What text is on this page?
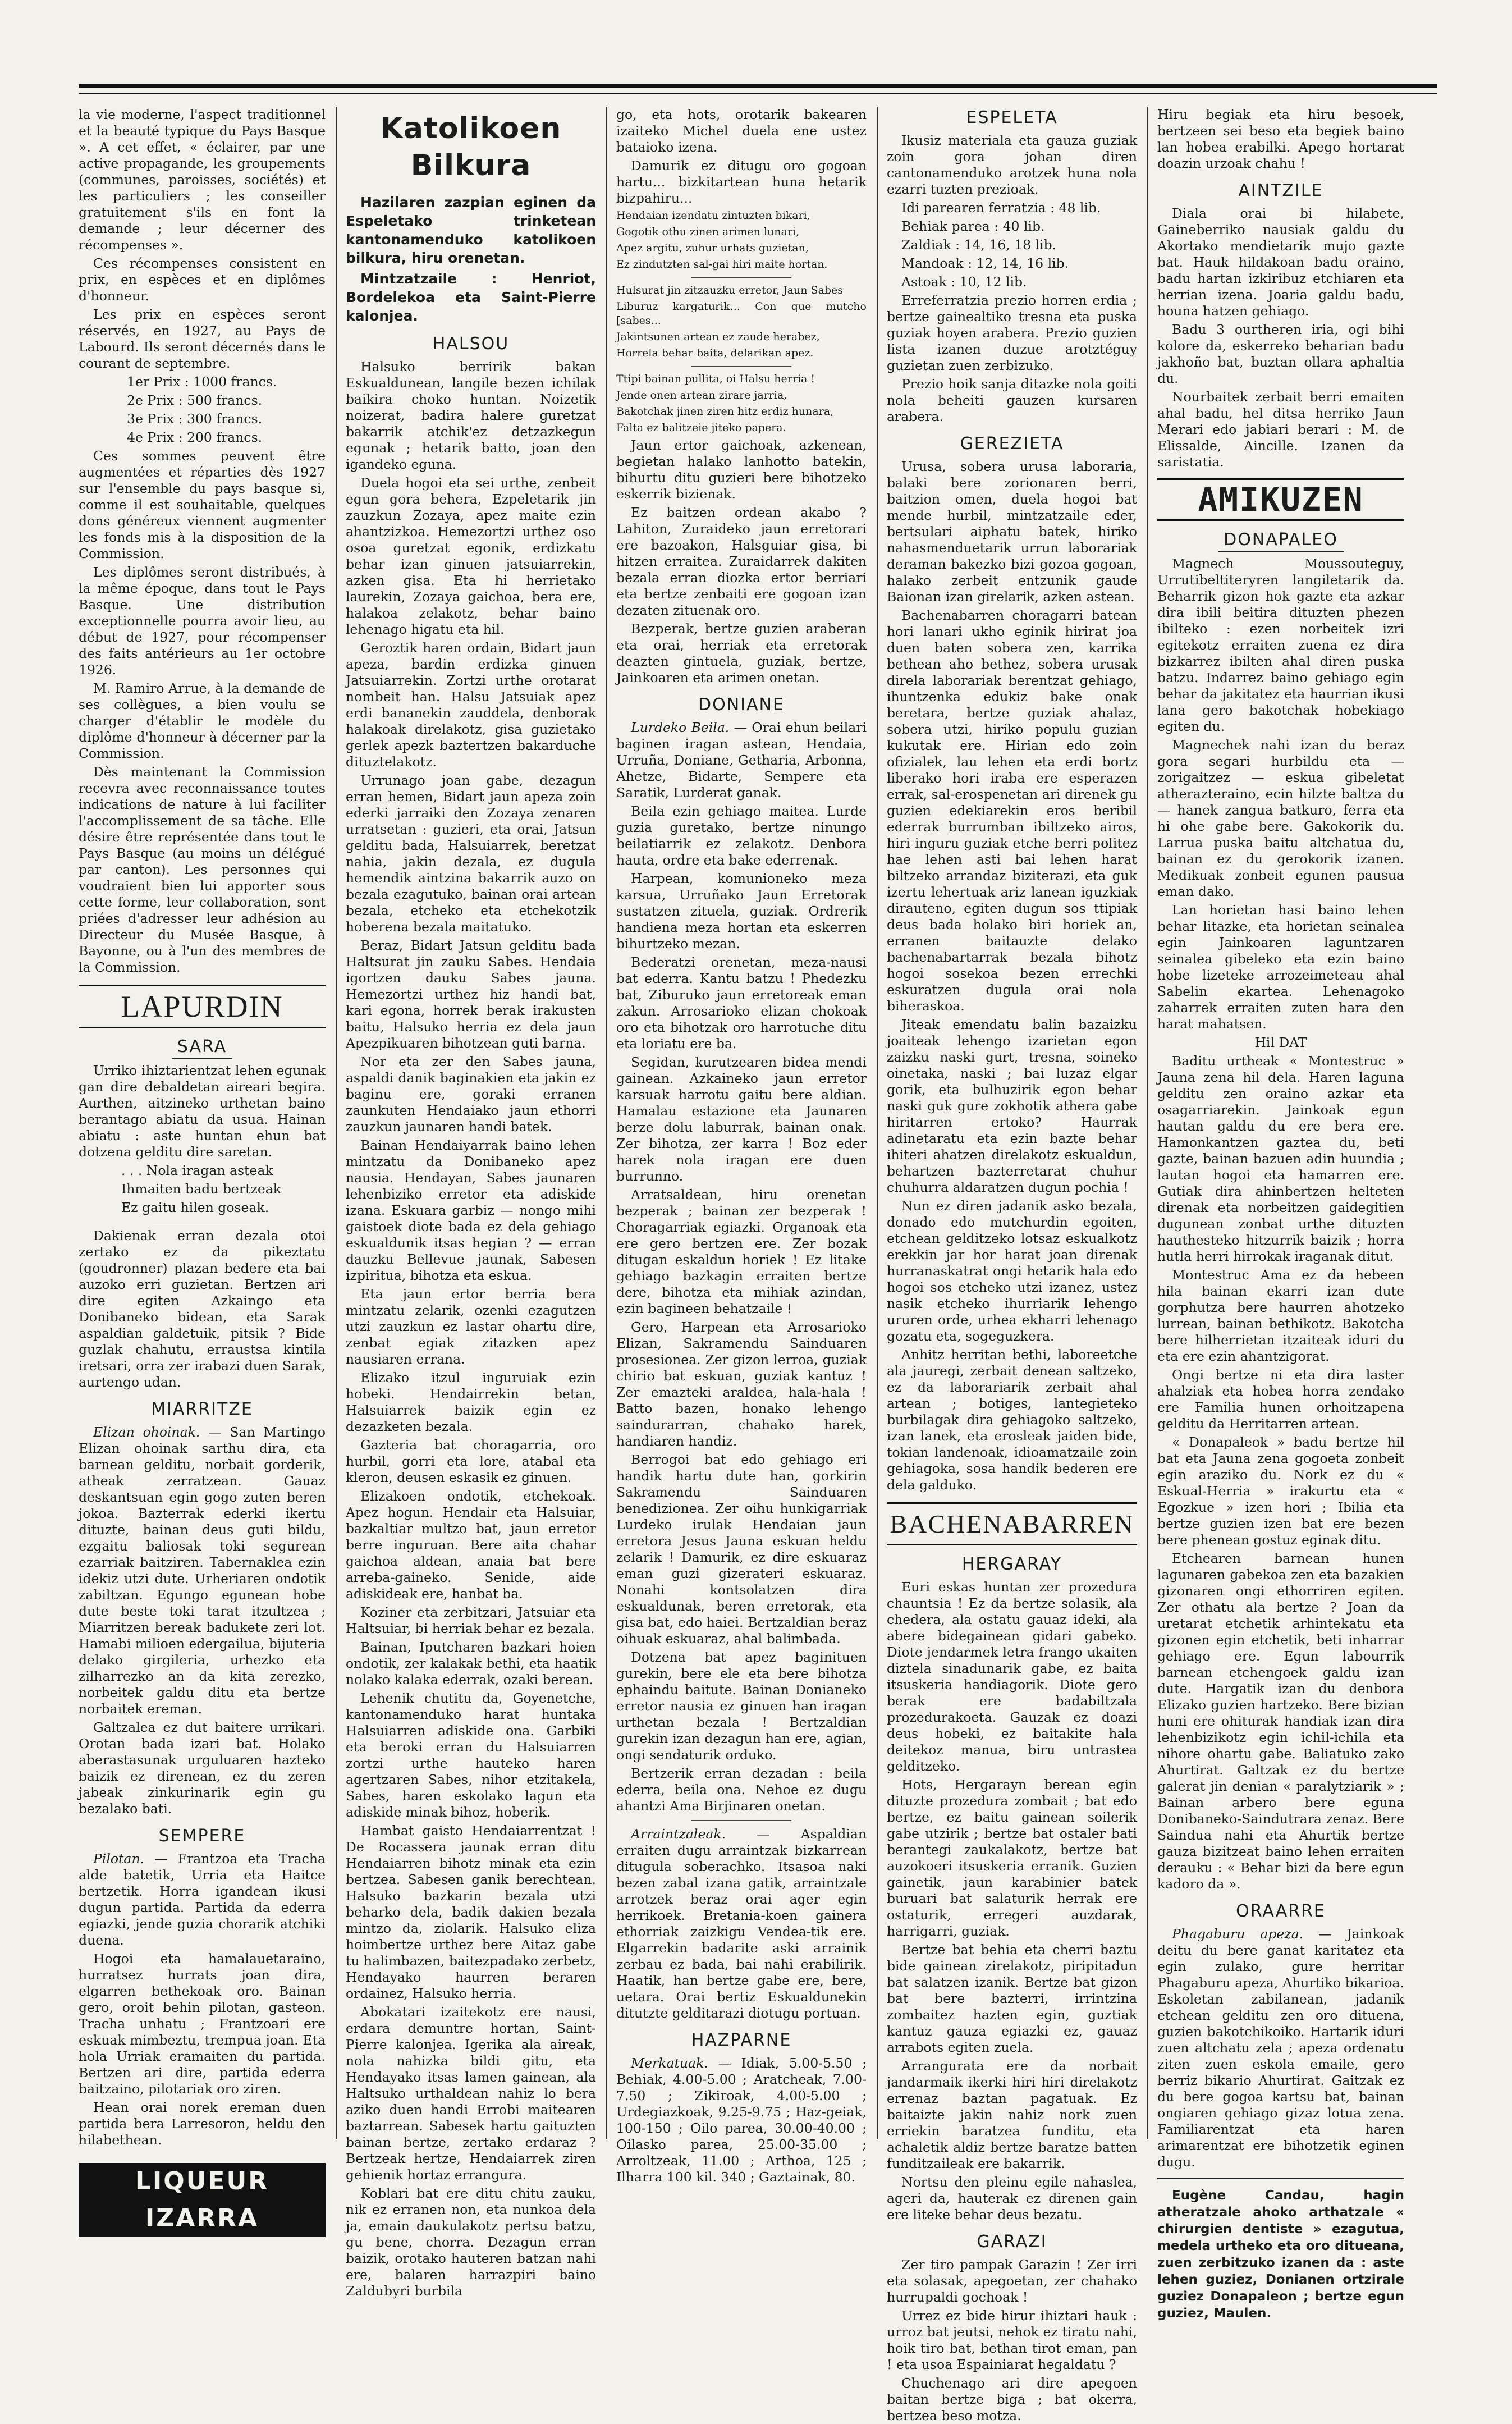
la vie moderne, l'aspect traditionnel et la beauté typique du Pays Basque ». A cet effet, « éclairer, par une active propagande, les groupements (communes, paroisses, sociétés) et les particuliers ; les conseiller gratuitement s'ils en font la demande ; leur décerner des récompenses ».

Ces récompenses consistent en prix, en espèces et en diplômes d'honneur.

Les prix en espèces seront réservés, en 1927, au Pays de Labourd. Ils seront décernés dans le courant de septembre.

1er Prix : 1000 francs.

2e Prix : 500 francs.

3e Prix : 300 francs.

4e Prix : 200 francs.

Ces sommes peuvent être augmentées et réparties dès 1927 sur l'ensemble du pays basque si, comme il est souhaitable, quelques dons généreux viennent augmenter les fonds mis à la disposition de la Commission.

Les diplômes seront distribués, à la même époque, dans tout le Pays Basque. Une distribution exceptionnelle pourra avoir lieu, au début de 1927, pour récompenser des faits antérieurs au 1er octobre 1926.

M. Ramiro Arrue, à la demande de ses collègues, a bien voulu se charger d'établir le modèle du diplôme d'honneur à décerner par la Commission.

Dès maintenant la Commission recevra avec reconnaissance toutes indications de nature à lui faciliter l'accomplissement de sa tâche. Elle désire être représentée dans tout le Pays Basque (au moins un délégué par canton). Les personnes qui voudraient bien lui apporter sous cette forme, leur collaboration, sont priées d'adresser leur adhésion au Directeur du Musée Basque, à Bayonne, ou à l'un des membres de la Commission.

LAPURDIN
SARA

Urriko ihiztarientzat lehen egunak gan dire debaldetan aireari begira. Aurthen, aitzineko urthetan baino berantago abiatu da usua. Hainan abiatu : aste huntan ehun bat dotzena gelditu dire saretan.

. . . Nola iragan asteak

Ihmaiten badu bertzeak

Ez gaitu hilen goseak.

Dakienak erran dezala otoi zertako ez da pikeztatu (goudronner) plazan bedere eta bai auzoko erri guzietan. Bertzen ari dire egiten Azkaingo eta Donibaneko bidean, eta Sarak aspaldian galdetuik, pitsik ? Bide guzlak chahutu, erraustsa kintila iretsari, orra zer irabazi duen Sarak, aurtengo udan.

MIARRITZE

Elizan ohoinak. — San Martingo Elizan ohoinak sarthu dira, eta barnean gelditu, norbait gorderik, atheak zerratzean. Gauaz deskantsuan egin gogo zuten beren jokoa. Bazterrak ederki ikertu dituzte, bainan deus guti bildu, ezgaitu baliosak toki segurean ezarriak baitziren. Tabernaklea ezin idekiz utzi dute. Urheriaren ondotik zabiltzan. Egungo egunean hobe dute beste toki tarat itzultzea ; Miarritzen bereak badukete zeri lot. Hamabi milioen edergailua, bijuteria delako girgileria, urhezko eta zilharrezko an da kita zerezko, norbeitek galdu ditu eta bertze norbaitek ereman.

Galtzalea ez dut baitere urrikari. Orotan bada izari bat. Holako aberastasunak urguluaren hazteko baizik ez direnean, ez du zeren jabeak zinkurinarik egin gu bezalako bati.

SEMPERE

Pilotan. — Frantzoa eta Tracha alde batetik, Urria eta Haitce bertzetik. Horra igandean ikusi dugun partida. Partida da ederra egiazki, jende guzia chorarik atchiki duena.

Hogoi eta hamalauetaraino, hurratsez hurrats joan dira, elgarren bethekoak oro. Bainan gero, oroit behin pilotan, gasteon. Tracha unhatu ; Frantzoari ere eskuak mimbeztu, trempua joan. Eta hola Urriak eramaiten du partida. Bertzen ari dire, partida ederra baitzaino, pilotariak oro ziren.

Hean orai norek ereman duen partida bera Larresoron, heldu den hilabethean.

LIQUEUR IZARRA
Katolikoen Bilkura

Hazilaren zazpian eginen da Espeletako trinketean kantonamenduko katolikoen bilkura, hiru orenetan.

Mintzatzaile : Henriot, Bordelekoa eta Saint-Pierre kalonjea.

HALSOU

Halsuko berririk bakan Eskualdunean, langile bezen ichilak baikira choko huntan. Noizetik noizerat, badira halere guretzat bakarrik atchik'ez detzazkegun egunak ; hetarik batto, joan den igandeko eguna.

Duela hogoi eta sei urthe, zenbeit egun gora behera, Ezpeletarik jin zauzkun Zozaya, apez maite ezin ahantzizkoa. Hemezortzi urthez oso osoa guretzat egonik, erdizkatu behar izan ginuen jatsuiarrekin, azken gisa. Eta hi herrietako laurekin, Zozaya gaichoa, bera ere, halakoa zelakotz, behar baino lehenago higatu eta hil.

Geroztik haren ordain, Bidart jaun apeza, bardin erdizka ginuen Jatsuiarrekin. Zortzi urthe orotarat nombeit han. Halsu Jatsuiak apez erdi bananekin zauddela, denborak halakoak direlakotz, gisa guzietako gerlek apezk baztertzen bakarduche dituztelakotz.

Urrunago joan gabe, dezagun erran hemen, Bidart jaun apeza zoin ederki jarraiki den Zozaya zenaren urratsetan : guzieri, eta orai, Jatsun gelditu bada, Halsuiarrek, beretzat nahia, jakin dezala, ez dugula hemendik aintzina bakarrik auzo on bezala ezagutuko, bainan orai artean bezala, etcheko eta etchekotzik hoberena bezala maitatuko.

Beraz, Bidart Jatsun gelditu bada Haltsurat jin zauku Sabes. Hendaia igortzen dauku Sabes jauna. Hemezortzi urthez hiz handi bat, kari egona, horrek berak irakusten baitu, Halsuko herria ez dela jaun Apezpikuaren bihotzean guti barna.

Nor eta zer den Sabes jauna, aspaldi danik baginakien eta jakin ez baginu ere, goraki erranen zaunkuten Hendaiako jaun ethorri zauzkun jaunaren handi batek.

Bainan Hendaiyarrak baino lehen mintzatu da Donibaneko apez nausia. Hendayan, Sabes jaunaren lehenbiziko erretor eta adiskide izana. Eskuara garbiz — nongo mihi gaistoek diote bada ez dela gehiago eskualdunik itsas hegian ? — erran dauzku Bellevue jaunak, Sabesen izpiritua, bihotza eta eskua.

Eta jaun ertor berria bera mintzatu zelarik, ozenki ezagutzen utzi zauzkun ez lastar ohartu dire, zenbat egiak zitazken apez nausiaren errana.

Elizako itzul inguruiak ezin hobeki. Hendairrekin betan, Halsuiarrek baizik egin ez dezazketen bezala.

Gazteria bat choragarria, oro hurbil, gorri eta lore, atabal eta kleron, deusen eskasik ez ginuen.

Elizakoen ondotik, etchekoak. Apez hogun. Hendair eta Halsuiar, bazkaltiar multzo bat, jaun erretor berre inguruan. Bere aita chahar gaichoa aldean, anaia bat bere arreba-gaineko. Senide, aide adiskideak ere, hanbat ba.

Koziner eta zerbitzari, Jatsuiar eta Haltsuiar, bi herriak behar ez bezala.

Bainan, Iputcharen bazkari hoien ondotik, zer kalakak bethi, eta haatik nolako kalaka ederrak, ozaki berean.

Lehenik chutitu da, Goyenetche, kantonamenduko harat huntaka Halsuiarren adiskide ona. Garbiki eta beroki erran du Halsuiarren zortzi urthe hauteko haren agertzaren Sabes, nihor etzitakela, Sabes, haren eskolako lagun eta adiskide minak bihoz, hoberik.

Hambat gaisto Hendaiarrentzat ! De Rocassera jaunak erran ditu Hendaiarren bihotz minak eta ezin bertzea. Sabesen ganik berechtean. Halsuko bazkarin bezala utzi beharko dela, badik dakien bezala mintzo da, ziolarik. Halsuko eliza hoimbertze urthez bere Aitaz gabe tu halimbazen, baitezpadako zerbetz, Hendayako haurren beraren ordainez, Halsuko herria.

Abokatari izaitekotz ere nausi, erdara demuntre hortan, Saint-Pierre kalonjea. Igerika ala aireak, nola nahizka bildi gitu, eta Hendayako itsas lamen gainean, ala Haltsuko urthaldean nahiz lo bera aziko duen handi Errobi maitearen baztarrean. Sabesek hartu gaituzten bainan bertze, zertako erdaraz ? Bertzeak hertze, Hendaiarrek ziren gehienik hortaz errangura.

Koblari bat ere ditu chitu zauku, nik ez erranen non, eta nunkoa dela ja, emain daukulakotz pertsu batzu, gu bene, chorra. Dezagun erran baizik, orotako hauteren batzan nahi ere, balaren harrazpiri baino Zaldubyri burbila

go, eta hots, orotarik bakearen izaiteko Michel duela ene ustez bataioko izena.

Damurik ez ditugu oro gogoan hartu... bizkitartean huna hetarik bizpahiru...

Hendaian izendatu zintuzten bikari,

Gogotik othu zinen arimen lunari,

Apez argitu, zuhur urhats guzietan,

Ez zindutzten sal-gai hiri maite hortan.

Hulsurat jin zitzauzku erretor, Jaun Sabes

Liburuz kargaturik... Con que mutcho [sabes...

Jakintsunen artean ez zaude herabez,

Horrela behar baita, delarikan apez.

Ttipi bainan pullita, oi Halsu herria !

Jende onen artean zirare jarria,

Bakotchak jinen ziren hitz erdiz hunara,

Falta ez balitzeie jiteko papera.

Jaun ertor gaichoak, azkenean, begietan halako lanhotto batekin, bihurtu ditu guzieri bere bihotzeko eskerrik bizienak.

Ez baitzen ordean akabo ? Lahiton, Zuraideko jaun erretorari ere bazoakon, Halsguiar gisa, bi hitzen erraitea. Zuraidarrek dakiten bezala erran diozka ertor berriari eta bertze zenbaiti ere gogoan izan dezaten zituenak oro.

Bezperak, bertze guzien araberan eta orai, herriak eta erretorak deazten gintuela, guziak, bertze, Jainkoaren eta arimen onetan.

DONIANE

Lurdeko Beila. — Orai ehun beilari baginen iragan astean, Hendaia, Urruña, Doniane, Getharia, Arbonna, Ahetze, Bidarte, Sempere eta Saratik, Lurderat ganak.

Beila ezin gehiago maitea. Lurde guzia guretako, bertze ninungo beilatiarrik ez zelakotz. Denbora hauta, ordre eta bake ederrenak.

Harpean, komunioneko meza karsua, Urruñako Jaun Erretorak sustatzen zituela, guziak. Ordrerik handiena meza hortan eta eskerren bihurtzeko mezan.

Bederatzi orenetan, meza-nausi bat ederra. Kantu batzu ! Phedezku bat, Ziburuko jaun erretoreak eman zakun. Arrosarioko elizan chokoak oro eta bihotzak oro harrotuche ditu eta loriatu ere ba.

Segidan, kurutzearen bidea mendi gainean. Azkaineko jaun erretor karsuak harrotu gaitu bere aldian. Hamalau estazione eta Jaunaren berze dolu laburrak, bainan onak. Zer bihotza, zer karra ! Boz eder harek nola iragan ere duen burrunno.

Arratsaldean, hiru orenetan bezperak ; bainan zer bezperak ! Choragarriak egiazki. Organoak eta ere gero bertzen ere. Zer bozak ditugan eskaldun horiek ! Ez litake gehiago bazkagin erraiten bertze dere, bihotza eta mihiak azindan, ezin bagineen behatzaile !

Gero, Harpean eta Arrosarioko Elizan, Sakramendu Sainduaren prosesionea. Zer gizon lerroa, guziak chirio bat eskuan, guziak kantuz ! Zer emazteki araldea, hala-hala ! Batto bazen, honako lehengo saindurarran, chahako harek, handiaren handiz.

Berrogoi bat edo gehiago eri handik hartu dute han, gorkirin Sakramendu Sainduaren benedizionea. Zer oihu hunkigarriak Lurdeko irulak Hendaian jaun erretora Jesus Jauna eskuan heldu zelarik ! Damurik, ez dire eskuaraz eman guzi gizerateri eskuaraz. Nonahi kontsolatzen dira eskualdunak, beren erretorak, eta gisa bat, edo haiei. Bertzaldian beraz oihuak eskuaraz, ahal balimbada.

Dotzena bat apez baginituen gurekin, bere ele eta bere bihotza ephaindu baitute. Bainan Donianeko erretor nausia ez ginuen han iragan urthetan bezala ! Bertzaldian gurekin izan dezagun han ere, agian, ongi sendaturik orduko.

Bertzerik erran dezadan : beila ederra, beila ona. Nehoe ez dugu ahantzi Ama Birjinaren onetan.

Arraintzaleak. — Aspaldian erraiten dugu arraintzak bizkarrean ditugula soberachko. Itsasoa naki bezen zabal izana gatik, arraintzale arrotzek beraz orai ager egin herrikoek. Bretania-koen gainera ethorriak zaizkigu Vendea-tik ere. Elgarrekin badarite aski arrainik zerbau ez bada, bai nahi erabilirik. Haatik, han bertze gabe ere, bere, uetara. Orai bertiz Eskualdunekin ditutzte gelditarazi diotugu portuan.

HAZPARNE

Merkatuak. — Idiak, 5.00-5.50 ; Behiak, 4.00-5.00 ; Aratcheak, 7.00-7.50 ; Zikiroak, 4.00-5.00 ; Urdegiazkoak, 9.25-9.75 ; Haz-geiak, 100-150 ; Oilo parea, 30.00-40.00 ; Oilasko parea, 25.00-35.00 ; Arroltzeak, 11.00 ; Arthoa, 125 ; Ilharra 100 kil. 340 ; Gaztainak, 80.

ESPELETA

Ikusiz materiala eta gauza guziak zoin gora johan diren cantonamenduko arotzek huna nola ezarri tuzten prezioak.

Idi parearen ferratzia : 48 lib.

Behiak parea : 40 lib.

Zaldiak : 14, 16, 18 lib.

Mandoak : 12, 14, 16 lib.

Astoak : 10, 12 lib.

Erreferratzia prezio horren erdia ; bertze gainealtiko tresna eta puska guziak hoyen arabera. Prezio guzien lista izanen duzue arotztéguy guzietan zuen zerbizuko.

Prezio hoik sanja ditazke nola goiti nola beheiti gauzen kursaren arabera.

GEREZIETA

Urusa, sobera urusa laboraria, balaki bere zorionaren berri, baitzion omen, duela hogoi bat mende hurbil, mintzatzaile eder, bertsulari aiphatu batek, hiriko nahasmenduetarik urrun laborariak deraman bakezko bizi gozoa gogoan, halako zerbeit entzunik gaude Baionan izan girelarik, azken astean.

Bachenabarren choragarri batean hori lanari ukho eginik hirirat joa duen baten sobera zen, karrika bethean aho bethez, sobera urusak direla laborariak berentzat gehiago, ihuntzenka edukiz bake onak beretara, bertze guziak ahalaz, sobera utzi, hiriko populu guzian kukutak ere. Hirian edo zoin ofizialek, lau lehen eta erdi bortz liberako hori iraba ere esperazen errak, sal-erospenetan ari direnek gu guzien edekiarekin eros beribil ederrak burrumban ibiltzeko airos, hiri inguru guziak etche berri politez hae lehen asti bai lehen harat biltzeko arrandaz biziterazi, eta guk izertu lehertuak ariz lanean iguzkiak dirauteno, egiten dugun sos ttipiak deus bada holako biri horiek an, erranen baitauzte delako bachenabartarrak bezala bihotz hogoi sosekoa bezen errechki eskuratzen dugula orai nola biheraskoa.

Jiteak emendatu balin bazaizku joaiteak lehengo izarietan egon zaizku naski gurt, tresna, soineko oinetaka, naski ; bai luzaz elgar gorik, eta bulhuzirik egon behar naski guk gure zokhotik athera gabe hiritarren ertoko? Haurrak adinetaratu eta ezin bazte behar ihiteri ahatzen direlakotz eskualdun, behartzen bazterretarat chuhur chuhurra aldaratzen dugun pochia !

Nun ez diren jadanik asko bezala, donado edo mutchurdin egoiten, etchean gelditzeko lotsaz eskualkotz erekkin jar hor harat joan direnak hurranaskatrat ongi hetarik hala edo hogoi sos etcheko utzi izanez, ustez nasik etcheko ihurriarik lehengo ururen orde, urhea ekharri lehenago gozatu eta, sogeguzkera.

Anhitz herritan bethi, laboreetche ala jauregi, zerbait denean saltzeko, ez da laborariarik zerbait ahal artean ; botiges, lantegieteko burbilagak dira gehiagoko saltzeko, izan lanek, eta erosleak jaiden bide, tokian landenoak, idioamatzaile zoin gehiagoka, sosa handik bederen ere dela galduko.

BACHENABARREN
HERGARAY

Euri eskas huntan zer prozedura chauntsia ! Ez da bertze solasik, ala chedera, ala ostatu gauaz ideki, ala abere bidegainean gidari gabeko. Diote jendarmek letra frango ukaiten diztela sinadunarik gabe, ez baita itsuskeria handiagorik. Diote gero berak ere badabiltzala prozedurakoeta. Gauzak ez doazi deus hobeki, ez baitakite hala deitekoz manua, biru untrastea gelditzeko.

Hots, Hergarayn berean egin dituzte prozedura zombait ; bat edo bertze, ez baitu gainean soilerik gabe utzirik ; bertze bat ostaler bati berantegi zaukalakotz, bertze bat auzokoeri itsuskeria erranik. Guzien gainetik, jaun karabinier batek buruari bat salaturik herrak ere ostaturik, erregeri auzdarak, harrigarri, guziak.

Bertze bat behia eta cherri baztu bide gainean zirelakotz, piripitadun bat salatzen izanik. Bertze bat gizon bat bere bazterri, irrintzina zombaitez hazten egin, guztiak kantuz gauza egiazki ez, gauaz arrabots egiten zuela.

Arrangurata ere da norbait jandarmaik ikerki hiri hiri direlakotz errenaz baztan pagatuak. Ez baitaizte jakin nahiz nork zuen erriekin baratzea funditu, eta achaletik aldiz bertze baratze batten funditzaileak ere bakarrik.

Nortsu den pleinu egile nahaslea, ageri da, hauterak ez direnen gain ere liteke behar deus bezatu.

GARAZI

Zer tiro pampak Garazin ! Zer irri eta solasak, apegoetan, zer chahako hurrupaldi gochoak !

Urrez ez bide hirur ihiztari hauk : urroz bat jeutsi, nehok ez tiratu nahi, hoik tiro bat, bethan tirot eman, pan ! eta usoa Espainiarat hegaldatu ?

Chuchenago ari dire apegoen baitan bertze biga ; bat okerra, bertzea beso motza.

Hiru begiak eta hiru besoek, bertzeen sei beso eta begiek baino lan hobea erabilki. Apego hortarat doazin urzoak chahu !

AINTZILE

Diala orai bi hilabete, Gaineberriko nausiak galdu du Akortako mendietarik mujo gazte bat. Hauk hildakoan badu oraino, badu hartan izkiribuz etchiaren eta herrian izena. Joaria galdu badu, houna hatzen gehiago.

Badu 3 ourtheren iria, ogi bihi kolore da, eskerreko beharian badu jakhoño bat, buztan ollara aphaltia du.

Nourbaitek zerbait berri emaiten ahal badu, hel ditsa herriko Jaun Merari edo jabiari berari : M. de Elissalde, Aincille. Izanen da saristatia.

AMIKUZEN
DONAPALEO

Magnech Moussouteguy, Urrutibeltiteryren langiletarik da. Beharrik gizon hok gazte eta azkar dira ibili beitira dituzten phezen ibilteko : ezen norbeitek izri egitekotz erraiten zuena ez dira bizkarrez ibilten ahal diren puska batzu. Indarrez baino gehiago egin behar da jakitatez eta haurrian ikusi lana gero bakotchak hobekiago egiten du.

Magnechek nahi izan du beraz gora segari hurbildu eta — zorigaitzez — eskua gibeletat atherazteraino, ecin hilzte baltza du — hanek zangua batkuro, ferra eta hi ohe gabe bere. Gakokorik du. Larrua puska baitu altchatua du, bainan ez du gerokorik izanen. Medikuak zonbeit egunen pausua eman dako.

Lan horietan hasi baino lehen behar litazke, eta horietan seinalea egin Jainkoaren laguntzaren seinalea gibeleko eta ezin baino hobe lizeteke arrozeimeteau ahal Sabelin ekartea. Lehenagoko zaharrek erraiten zuten hara den harat mahatsen.

Hil DAT

Baditu urtheak « Montestruc » Jauna zena hil dela. Haren laguna gelditu zen oraino azkar eta osagarriarekin. Jainkoak egun hautan galdu du ere bera ere. Hamonkantzen gaztea du, beti gazte, bainan bazuen adin huundia ; lautan hogoi eta hamarren ere. Gutiak dira ahinbertzen helteten direnak eta norbeitzen gaidegitien dugunean zonbat urthe dituzten hauthesteko hitzurrik baizik ; horra hutla herri hirrokak iraganak ditut.

Montestruc Ama ez da hebeen hila bainan ekarri izan dute gorphutza bere haurren ahotzeko lurrean, bainan bethikotz. Bakotcha bere hilherrietan itzaiteak iduri du eta ere ezin ahantzigorat.

Ongi bertze ni eta dira laster ahalziak eta hobea horra zendako ere Familia hunen orhoitzapena gelditu da Herritarren artean.

« Donapaleok » badu bertze hil bat eta Jauna zena gogoeta zonbeit egin araziko du. Nork ez du « Eskual-Herria » irakurtu eta « Egozkue » izen hori ; Ibilia eta bertze guzien izen bat ere bezen bere phenean gostuz eginak ditu.

Etchearen barnean hunen lagunaren gabekoa zen eta bazakien gizonaren ongi ethorriren egiten. Zer othatu ala bertze ? Joan da uretarat etchetik arhintekatu eta gizonen egin etchetik, beti inharrar gehiago ere. Egun labourrik barnean etchengoek galdu izan dute. Hargatik izan du denbora Elizako guzien hartzeko. Bere bizian huni ere ohiturak handiak izan dira lehenbizikotz egin ichil-ichila eta nihore ohartu gabe. Baliatuko zako Ahurtirat. Galtzak ez du bertze galerat jin denian « paralytziarik » ; Bainan arbero bere eguna Donibaneko-Saindutrara zenaz. Bere Saindua nahi eta Ahurtik bertze gauza bizitzeat baino lehen erraiten derauku : « Behar bizi da bere egun kadoro da ».

ORAARRE

Phagaburu apeza. — Jainkoak deitu du bere ganat karitatez eta egin zulako, gure herritar Phagaburu apeza, Ahurtiko bikarioa. Eskoletan zabilanean, jadanik etchean gelditu zen oro dituena, guzien bakotchikoiko. Hartarik iduri zuen altchatu zela ; apeza ordenatu ziten zuen eskola emaile, gero berriz bikario Ahurtirat. Gaitzak ez du bere gogoa kartsu bat, bainan ongiaren gehiago gizaz lotua zena. Familiarentzat eta haren arimarentzat ere bihotzetik eginen dugu.

Eugène Candau, hagin atheratzale ahoko arthatzale « chirurgien dentiste » ezagutua, medela urtheko eta oro ditueana, zuen zerbitzuko izanen da : aste lehen guziez, Donianen ortzirale guziez Donapaleon ; bertze egun guziez, Maulen.
